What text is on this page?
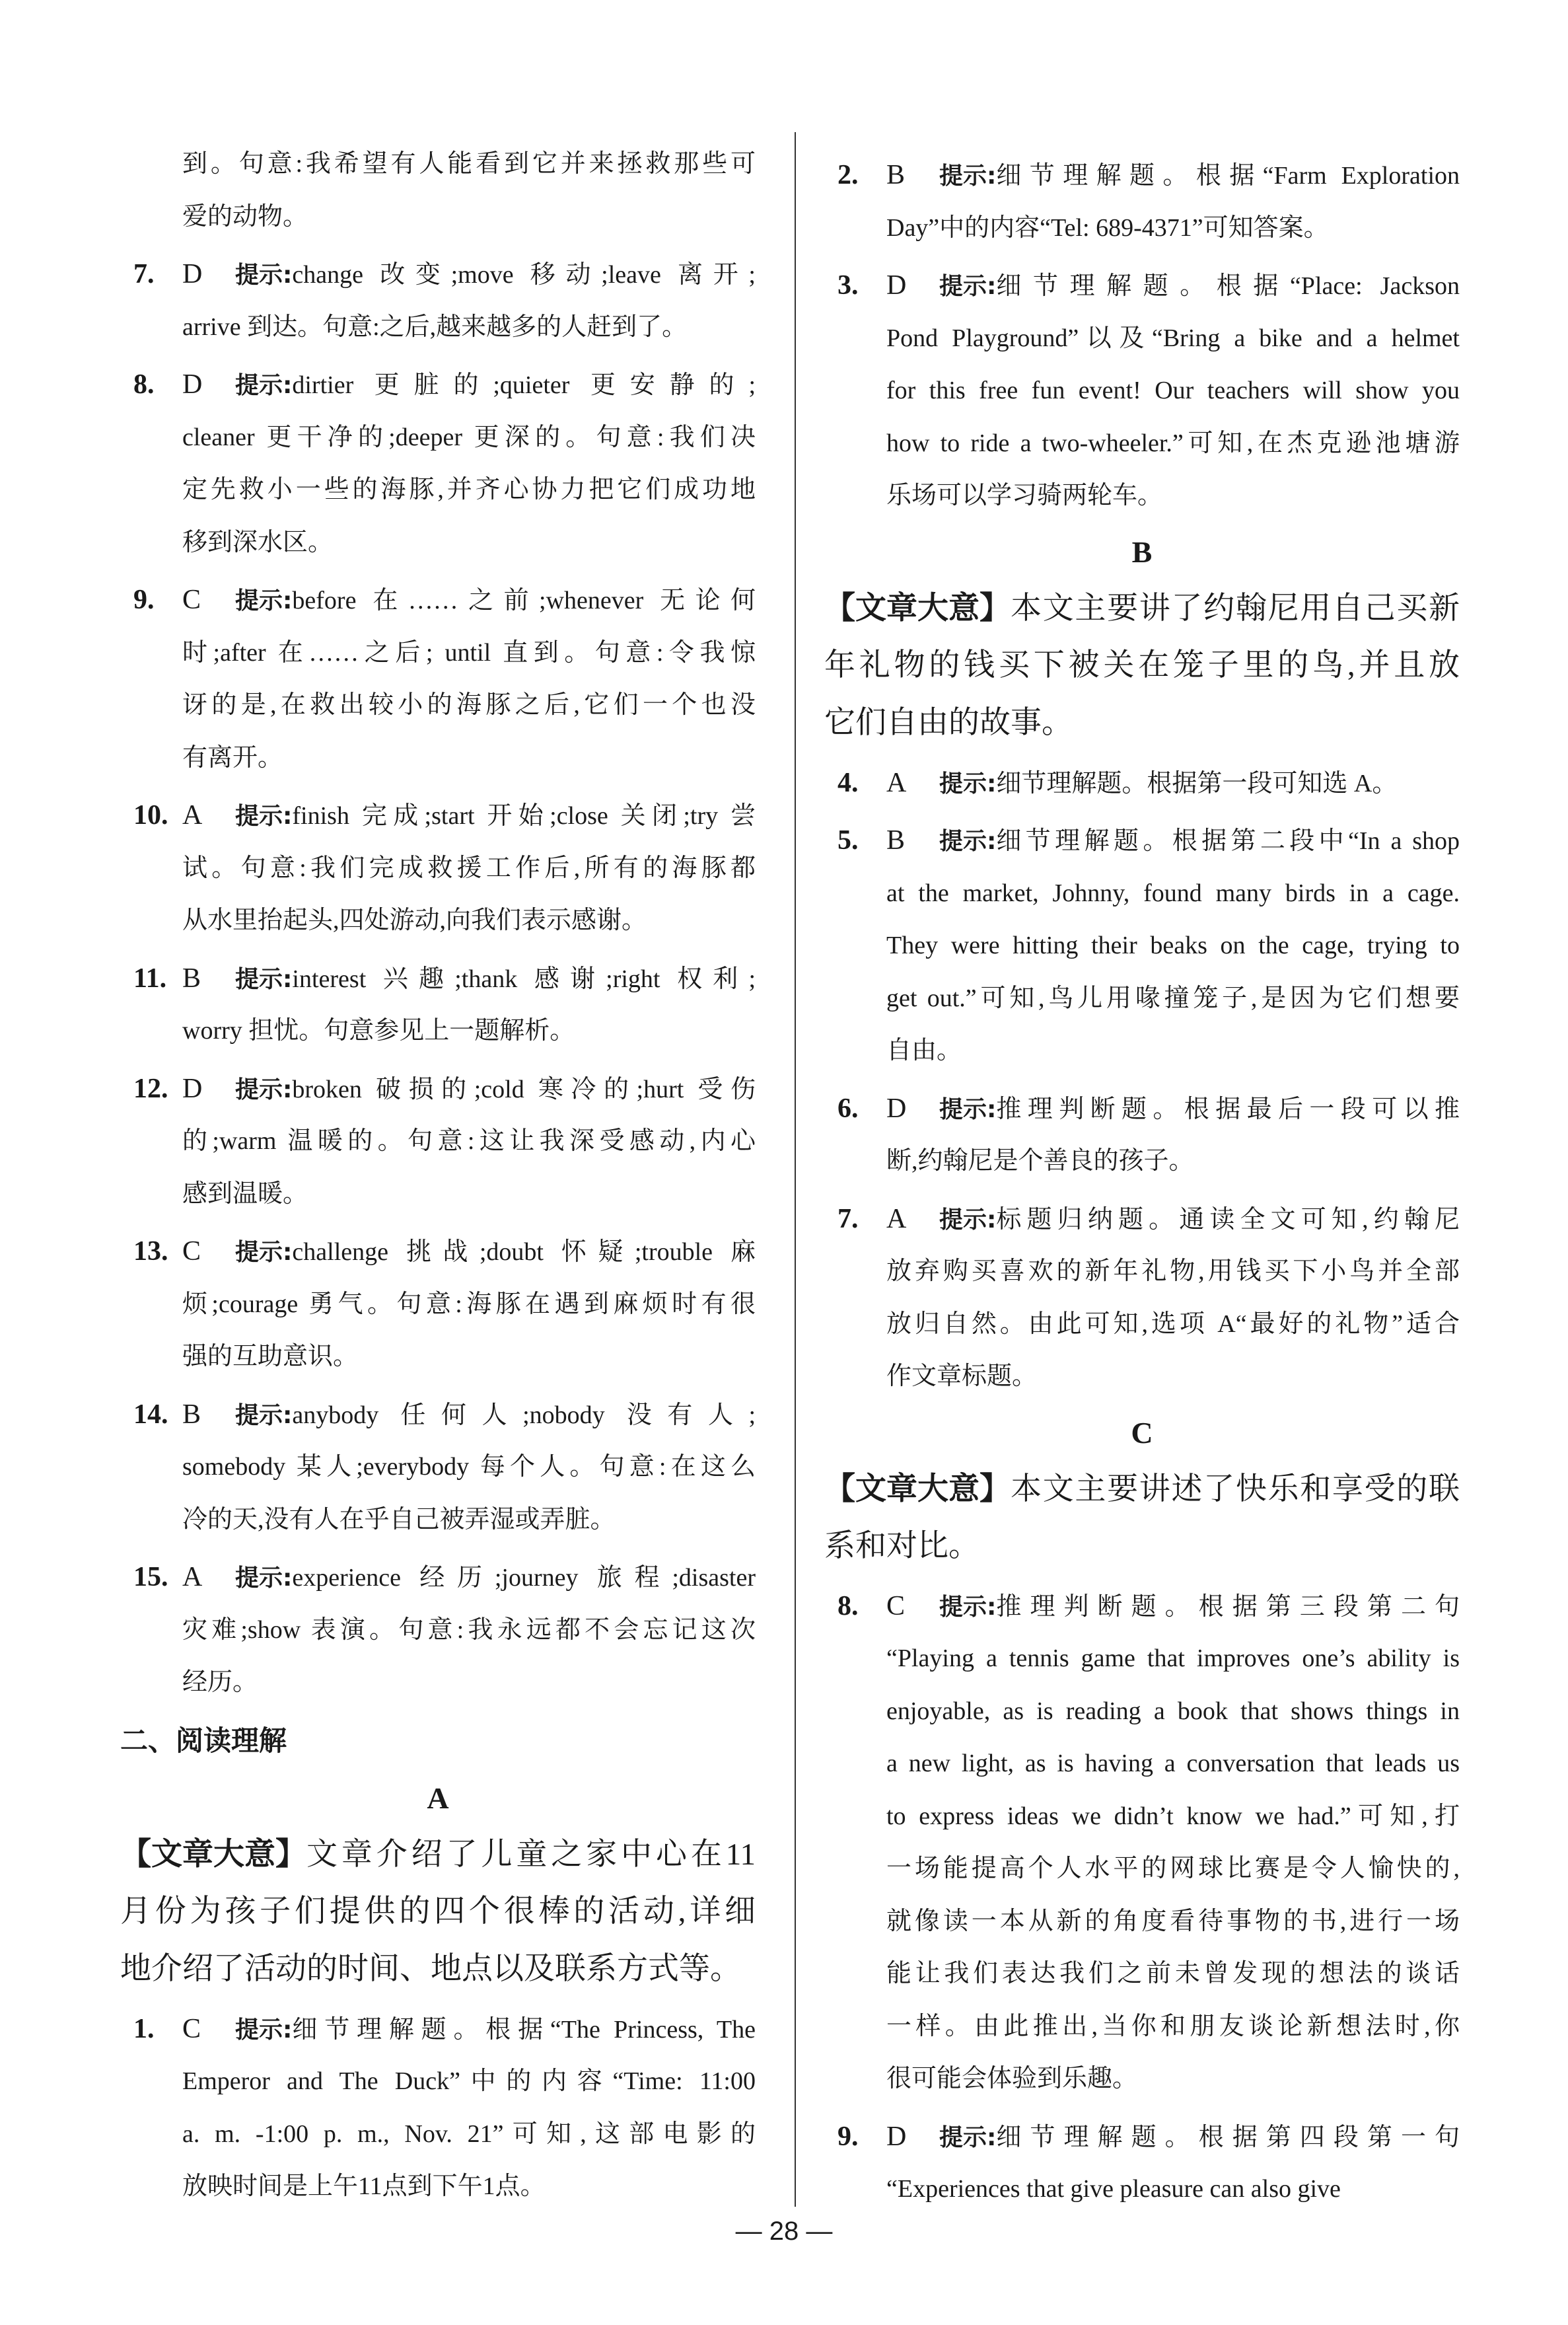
到。句意:我希望有人能看到它并来拯救那些可
爱的动物。
7.	D	提示: change 改变;move 移动;leave 离开;
arrive 到达。句意:之后,越来越多的人赶到了。
8.	D	提示: dirtier 更脏的;quieter 更安静的;
cleaner 更干净的;deeper 更深的。句意:我们决
定先救小一些的海豚,并齐心协力把它们成功地
移到深水区。
9.	C	提示: before 在……之前;whenever 无论何
时;after 在……之后; until 直到。句意:令我惊
讶的是,在救出较小的海豚之后,它们一个也没
有离开。
10. A	提示: finish 完成;start 开始;close 关闭;try 尝
试。句意:我们完成救援工作后,所有的海豚都
从水里抬起头,四处游动,向我们表示感谢。
11. B	提示: interest 兴趣;thank 感谢;right 权利;
worry 担忧。句意参见上一题解析。
12. D	提示: broken 破损的;cold 寒冷的;hurt 受伤
的;warm 温暖的。句意:这让我深受感动,内心
感到温暖。
13. C	提示: challenge 挑战;doubt 怀疑;trouble 麻
烦;courage 勇气。句意:海豚在遇到麻烦时有很
强的互助意识。
14. B	提示: anybody 任何人;nobody 没有人;
somebody 某人;everybody 每个人。句意:在这么
冷的天,没有人在乎自己被弄湿或弄脏。
15. A	提示: experience 经历;journey 旅程;disaster
灾难;show 表演。句意:我永远都不会忘记这次
经历。
二、阅读理解
A
【文章大意】 文章介绍了儿童之家中心在11
月份为孩子们提供的四个很棒的活动,详细
地介绍了活动的时间、地点以及联系方式等。
1.	C	提示: 细节理解题。根据“The Princess, The
Emperor and The Duck”中的内容“Time: 11:00
a. m. -1:00 p. m., Nov. 21”可知,这部电影的
放映时间是上午11点到下午1点。
2.	B	提示: 细节理解题。根据“Farm Exploration
Day”中的内容“Tel: 689-4371”可知答案。
3.	D	提示: 细节理解题。根据“Place: Jackson
Pond Playground”以及“Bring a bike and a helmet
for this free fun event! Our teachers will show you
how to ride a two-wheeler.”可知,在杰克逊池塘游
乐场可以学习骑两轮车。
B
【文章大意】 本文主要讲了约翰尼用自己买新
年礼物的钱买下被关在笼子里的鸟,并且放
它们自由的故事。
4.	A	提示: 细节理解题。根据第一段可知选 A。
5.	B	提示: 细节理解题。根据第二段中“In a shop
at the market, Johnny, found many birds in a cage.
They were hitting their beaks on the cage, trying to
get out.”可知,鸟儿用喙撞笼子,是因为它们想要
自由。
6.	D	提示: 推理判断题。根据最后一段可以推
断,约翰尼是个善良的孩子。
7.	A	提示: 标题归纳题。通读全文可知,约翰尼
放弃购买喜欢的新年礼物,用钱买下小鸟并全部
放归自然。由此可知,选项 A“最好的礼物”适合
作文章标题。
C
【文章大意】 本文主要讲述了快乐和享受的联
系和对比。
8.	C	提示: 推理判断题。根据第三段第二句
“Playing a tennis game that improves one’s ability is
enjoyable, as is reading a book that shows things in
a new light, as is having a conversation that leads us
to express ideas we didn’t know we had.”可知,打
一场能提高个人水平的网球比赛是令人愉快的,
就像读一本从新的角度看待事物的书,进行一场
能让我们表达我们之前未曾发现的想法的谈话
一样。由此推出,当你和朋友谈论新想法时,你
很可能会体验到乐趣。
9.	D	提示: 细节理解题。根据第四段第一句
“Experiences that give pleasure can also give
— 28 —
